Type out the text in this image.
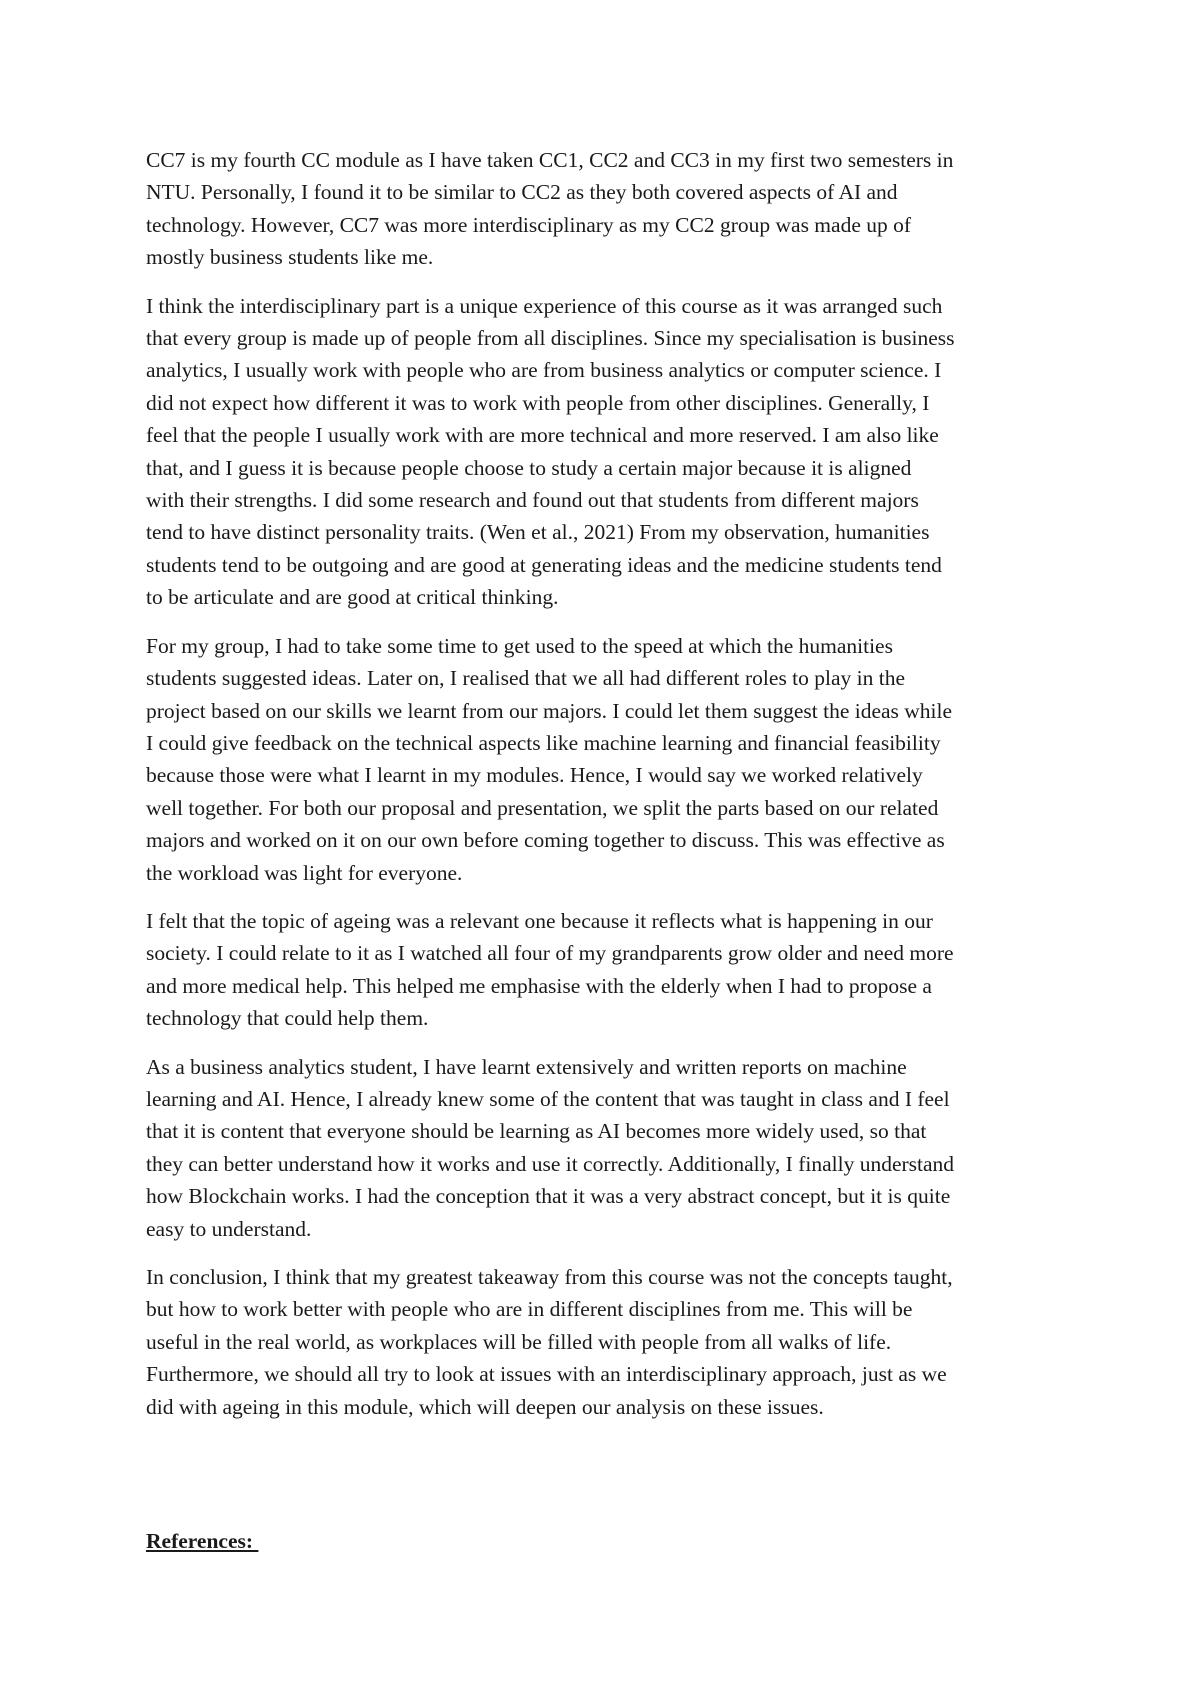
CC7 is my fourth CC module as I have taken CC1, CC2 and CC3 in my first two semesters in
NTU. Personally, I found it to be similar to CC2 as they both covered aspects of AI and
technology. However, CC7 was more interdisciplinary as my CC2 group was made up of
mostly business students like me.

I think the interdisciplinary part is a unique experience of this course as it was arranged such
that every group is made up of people from all disciplines. Since my specialisation is business
analytics, I usually work with people who are from business analytics or computer science. I
did not expect how different it was to work with people from other disciplines. Generally, I
feel that the people I usually work with are more technical and more reserved. I am also like
that, and I guess it is because people choose to study a certain major because it is aligned
with their strengths. I did some research and found out that students from different majors
tend to have distinct personality traits. (Wen et al., 2021) From my observation, humanities
students tend to be outgoing and are good at generating ideas and the medicine students tend
to be articulate and are good at critical thinking.

For my group, I had to take some time to get used to the speed at which the humanities
students suggested ideas. Later on, I realised that we all had different roles to play in the
project based on our skills we learnt from our majors. I could let them suggest the ideas while
I could give feedback on the technical aspects like machine learning and financial feasibility
because those were what I learnt in my modules. Hence, I would say we worked relatively
well together. For both our proposal and presentation, we split the parts based on our related
majors and worked on it on our own before coming together to discuss. This was effective as
the workload was light for everyone.

I felt that the topic of ageing was a relevant one because it reflects what is happening in our
society. I could relate to it as I watched all four of my grandparents grow older and need more
and more medical help. This helped me emphasise with the elderly when I had to propose a
technology that could help them.

As a business analytics student, I have learnt extensively and written reports on machine
learning and AI. Hence, I already knew some of the content that was taught in class and I feel
that it is content that everyone should be learning as AI becomes more widely used, so that
they can better understand how it works and use it correctly. Additionally, I finally understand
how Blockchain works. I had the conception that it was a very abstract concept, but it is quite
easy to understand.

In conclusion, I think that my greatest takeaway from this course was not the concepts taught,
but how to work better with people who are in different disciplines from me. This will be
useful in the real world, as workplaces will be filled with people from all walks of life.
Furthermore, we should all try to look at issues with an interdisciplinary approach, just as we
did with ageing in this module, which will deepen our analysis on these issues.

References:
